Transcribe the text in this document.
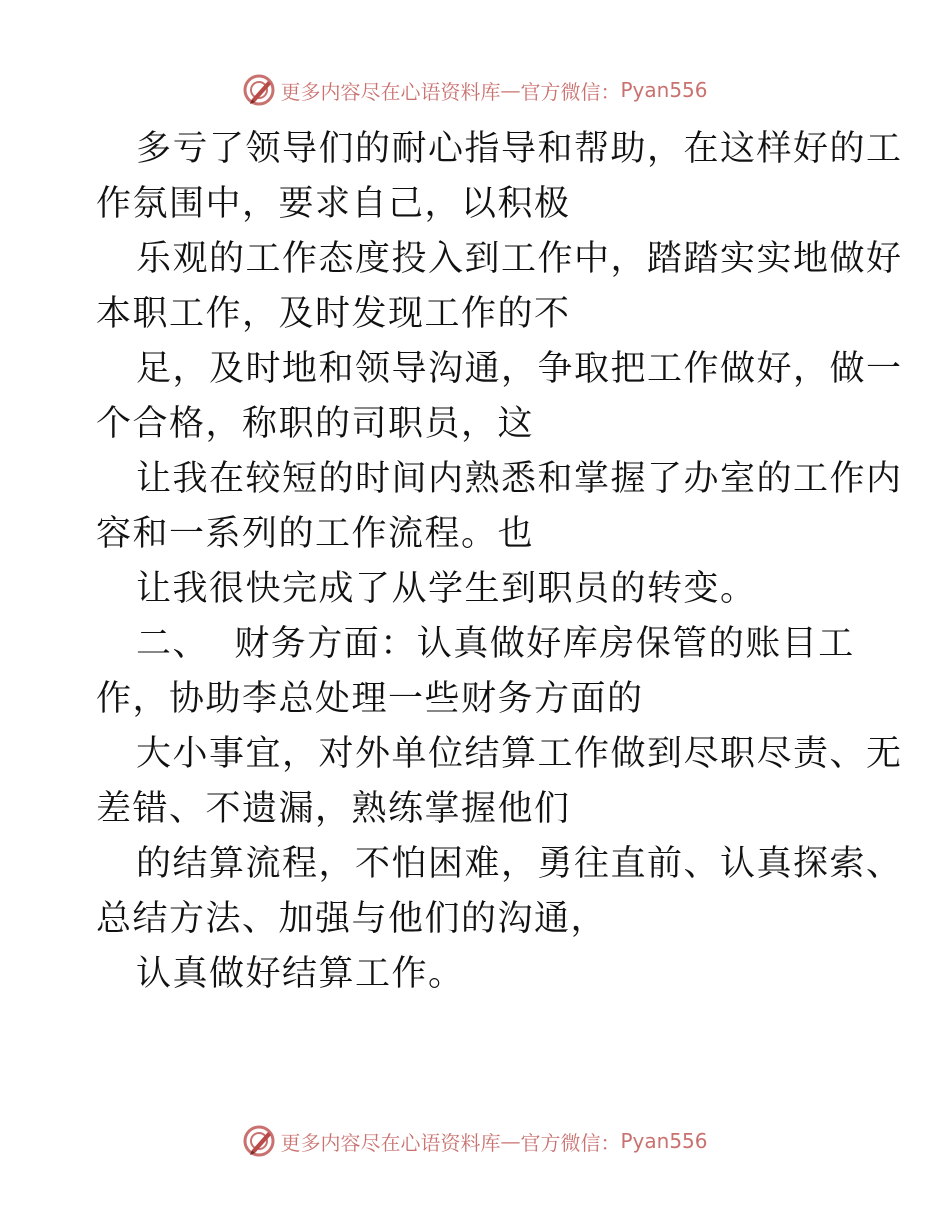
更多内容尽在心语资料库 — 官方微信： Pyan556
多亏了领导们的耐心指导和帮助，在这样好的工
作氛围中，要求自己，以积极
乐观的工作态度投入到工作中，踏踏实实地做好
本职工作，及时发现工作的不
足，及时地和领导沟通，争取把工作做好，做一
个合格，称职的司职员，这
让我在较短的时间内熟悉和掌握了办室的工作内
容和一系列的工作流程。也
让我很快完成了从学生到职员的转变。
二、  财务方面：认真做好库房保管的账目工
作，协助李总处理一些财务方面的
大小事宜，对外单位结算工作做到尽职尽责、无
差错、不遗漏，熟练掌握他们
的结算流程，不怕困难，勇往直前、认真探索、
总结方法、加强与他们的沟通，
认真做好结算工作。
更多内容尽在心语资料库 — 官方微信： Pyan556
